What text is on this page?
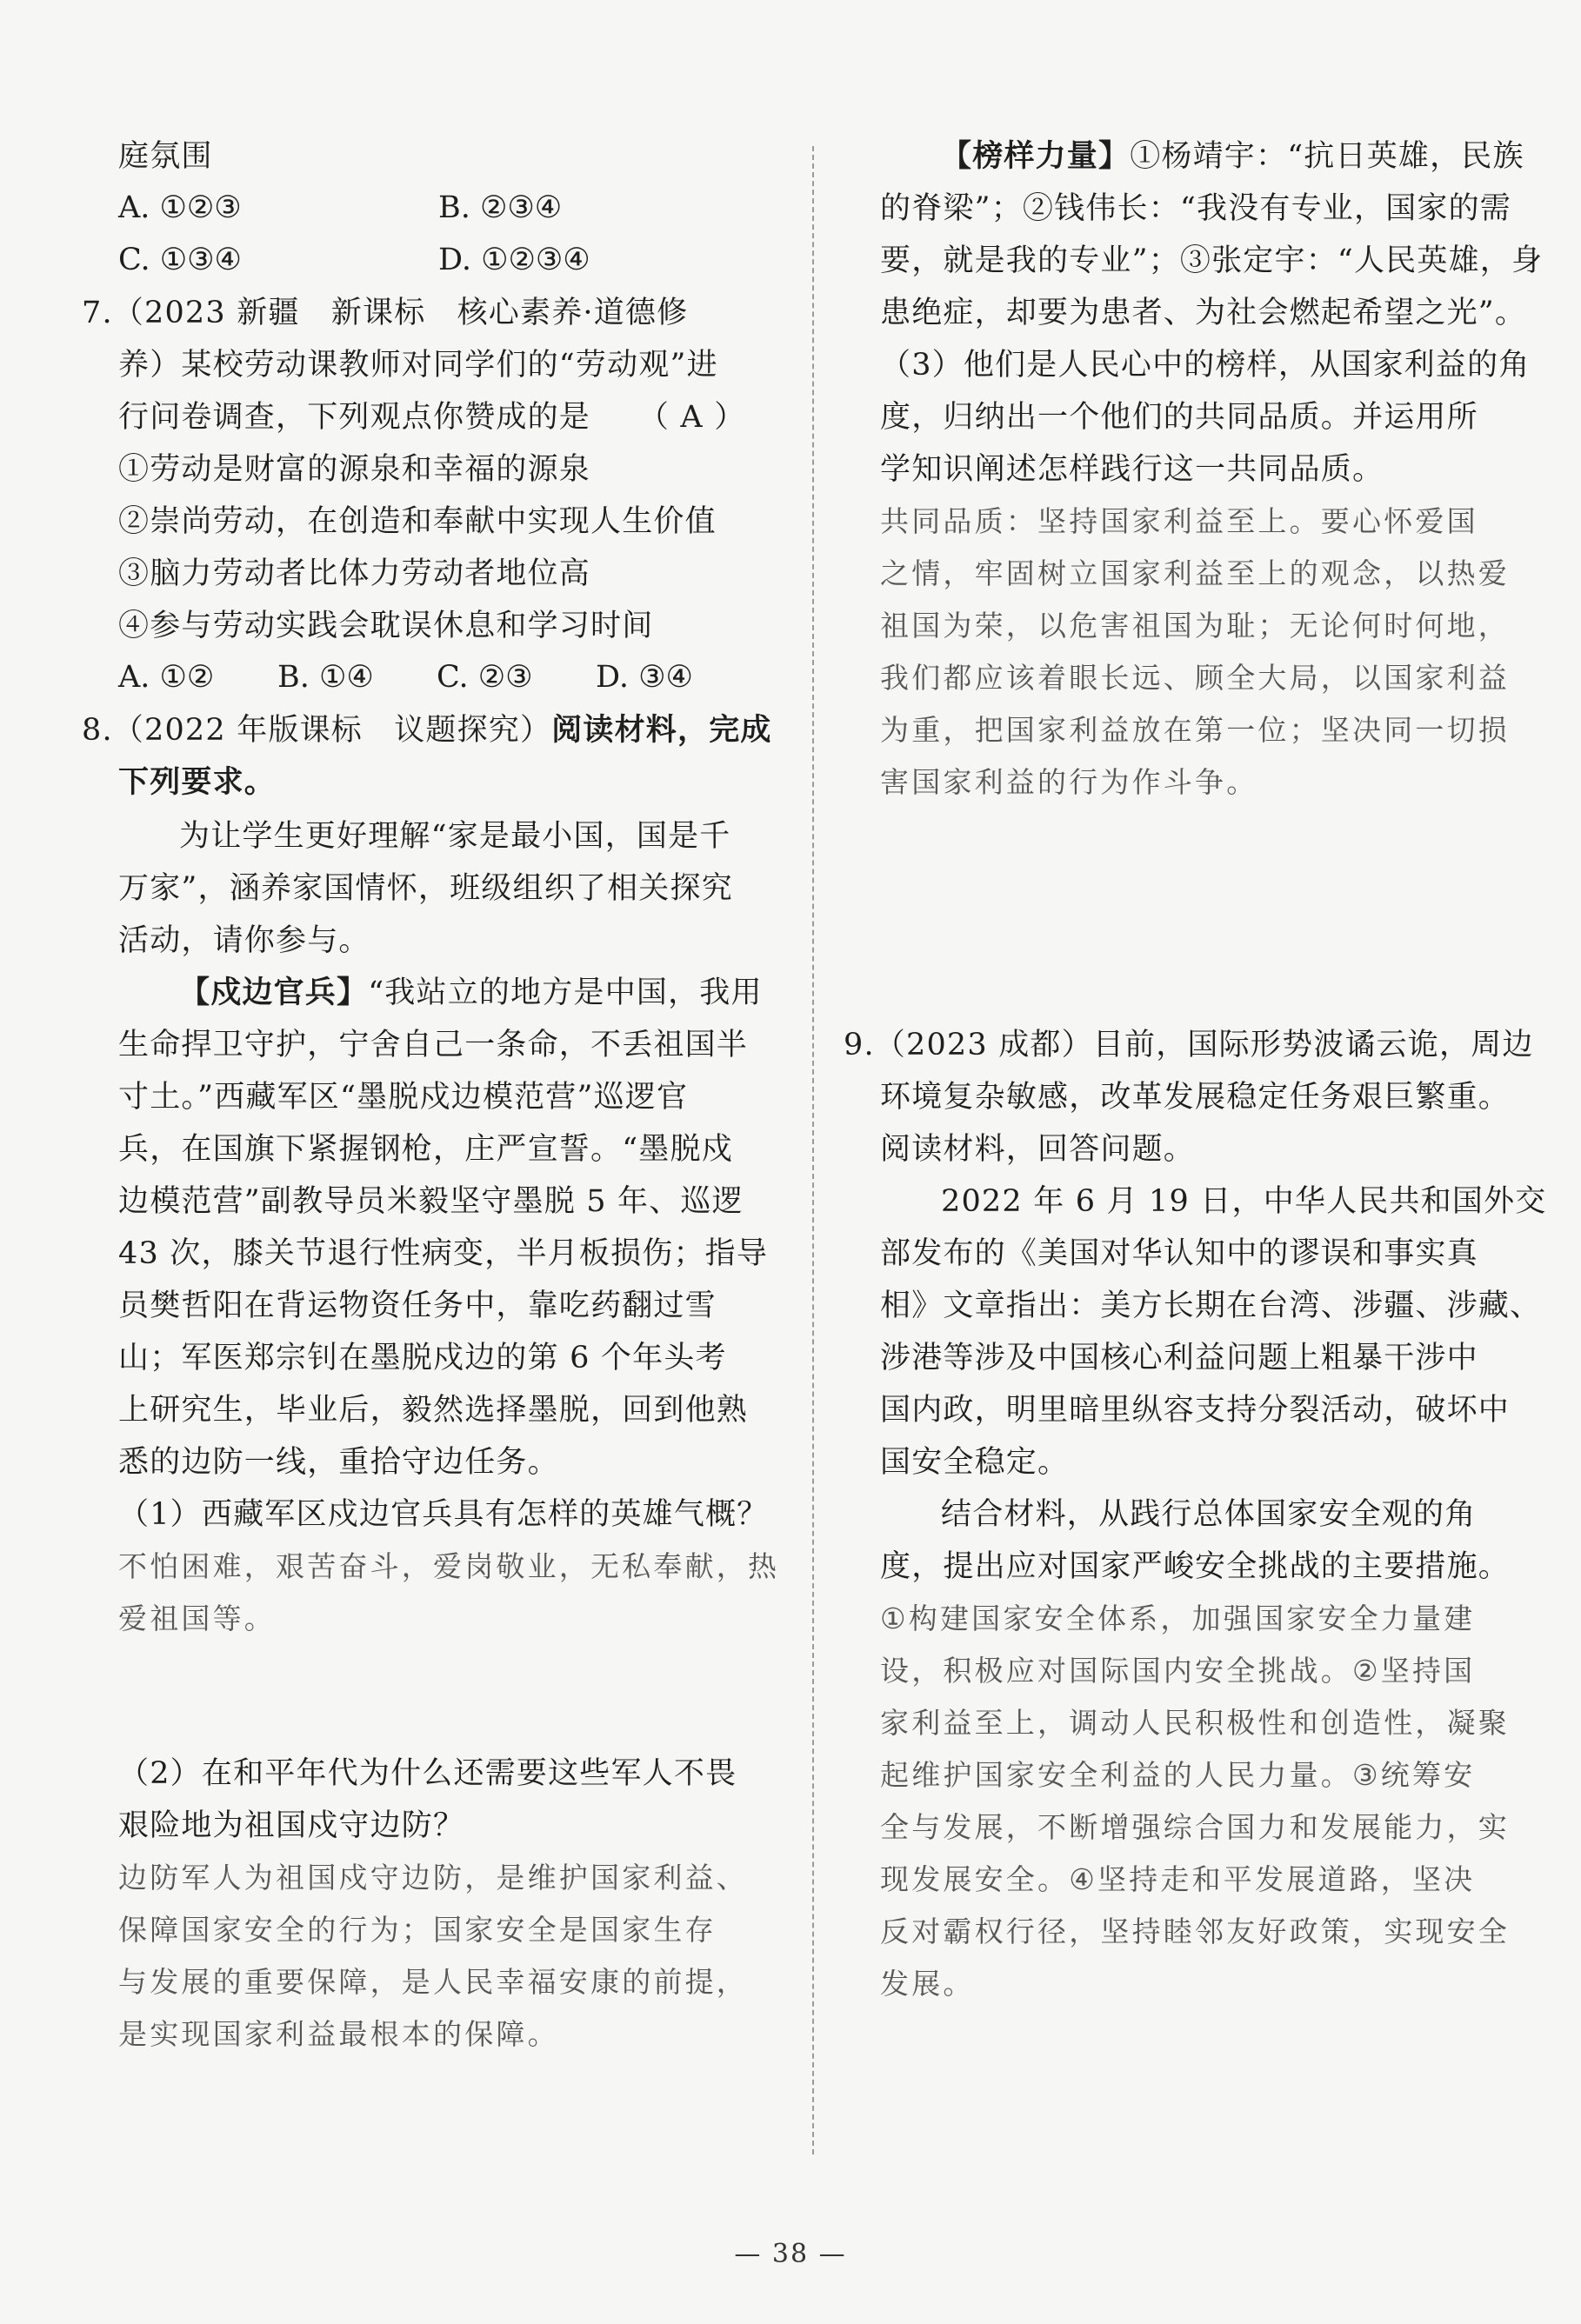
庭氛围
A. ①②③	B. ②③④
C. ①③④	D. ①②③④
7.（2023 新疆　新课标　核心素养·道德修
养）某校劳动课教师对同学们的“劳动观”进
行问卷调查，下列观点你赞成的是　　（ A ）
①劳动是财富的源泉和幸福的源泉
②崇尚劳动，在创造和奉献中实现人生价值
③脑力劳动者比体力劳动者地位高
④参与劳动实践会耽误休息和学习时间
A. ①② B. ①④ C. ②③ D. ③④
8.（2022 年版课标　议题探究）阅读材料，完成
下列要求。
为让学生更好理解“家是最小国，国是千
万家”，涵养家国情怀，班级组织了相关探究
活动，请你参与。
【戍边官兵】“我站立的地方是中国，我用
生命捍卫守护，宁舍自己一条命，不丢祖国半
寸土。”西藏军区“墨脱戍边模范营”巡逻官
兵，在国旗下紧握钢枪，庄严宣誓。“墨脱戍
边模范营”副教导员米毅坚守墨脱 5 年、巡逻
43 次，膝关节退行性病变，半月板损伤；指导
员樊哲阳在背运物资任务中，靠吃药翻过雪
山；军医郑宗钊在墨脱戍边的第 6 个年头考
上研究生，毕业后，毅然选择墨脱，回到他熟
悉的边防一线，重拾守边任务。
（1）西藏军区戍边官兵具有怎样的英雄气概？
不怕困难，艰苦奋斗，爱岗敬业，无私奉献，热
爱祖国等。
（2）在和平年代为什么还需要这些军人不畏
艰险地为祖国戍守边防？
边防军人为祖国戍守边防，是维护国家利益、
保障国家安全的行为；国家安全是国家生存
与发展的重要保障，是人民幸福安康的前提，
是实现国家利益最根本的保障。
【榜样力量】①杨靖宇：“抗日英雄，民族
的脊梁”；②钱伟长：“我没有专业，国家的需
要，就是我的专业”；③张定宇：“人民英雄，身
患绝症，却要为患者、为社会燃起希望之光”。
（3）他们是人民心中的榜样，从国家利益的角
度，归纳出一个他们的共同品质。并运用所
学知识阐述怎样践行这一共同品质。
共同品质：坚持国家利益至上。要心怀爱国
之情，牢固树立国家利益至上的观念，以热爱
祖国为荣，以危害祖国为耻；无论何时何地，
我们都应该着眼长远、顾全大局，以国家利益
为重，把国家利益放在第一位；坚决同一切损
害国家利益的行为作斗争。
9.（2023 成都）目前，国际形势波谲云诡，周边
环境复杂敏感，改革发展稳定任务艰巨繁重。
阅读材料，回答问题。
2022 年 6 月 19 日，中华人民共和国外交
部发布的《美国对华认知中的谬误和事实真
相》文章指出：美方长期在台湾、涉疆、涉藏、
涉港等涉及中国核心利益问题上粗暴干涉中
国内政，明里暗里纵容支持分裂活动，破坏中
国安全稳定。
结合材料，从践行总体国家安全观的角
度，提出应对国家严峻安全挑战的主要措施。
①构建国家安全体系，加强国家安全力量建
设，积极应对国际国内安全挑战。②坚持国
家利益至上，调动人民积极性和创造性，凝聚
起维护国家安全利益的人民力量。③统筹安
全与发展，不断增强综合国力和发展能力，实
现发展安全。④坚持走和平发展道路，坚决
反对霸权行径，坚持睦邻友好政策，实现安全
发展。
— 38 —
